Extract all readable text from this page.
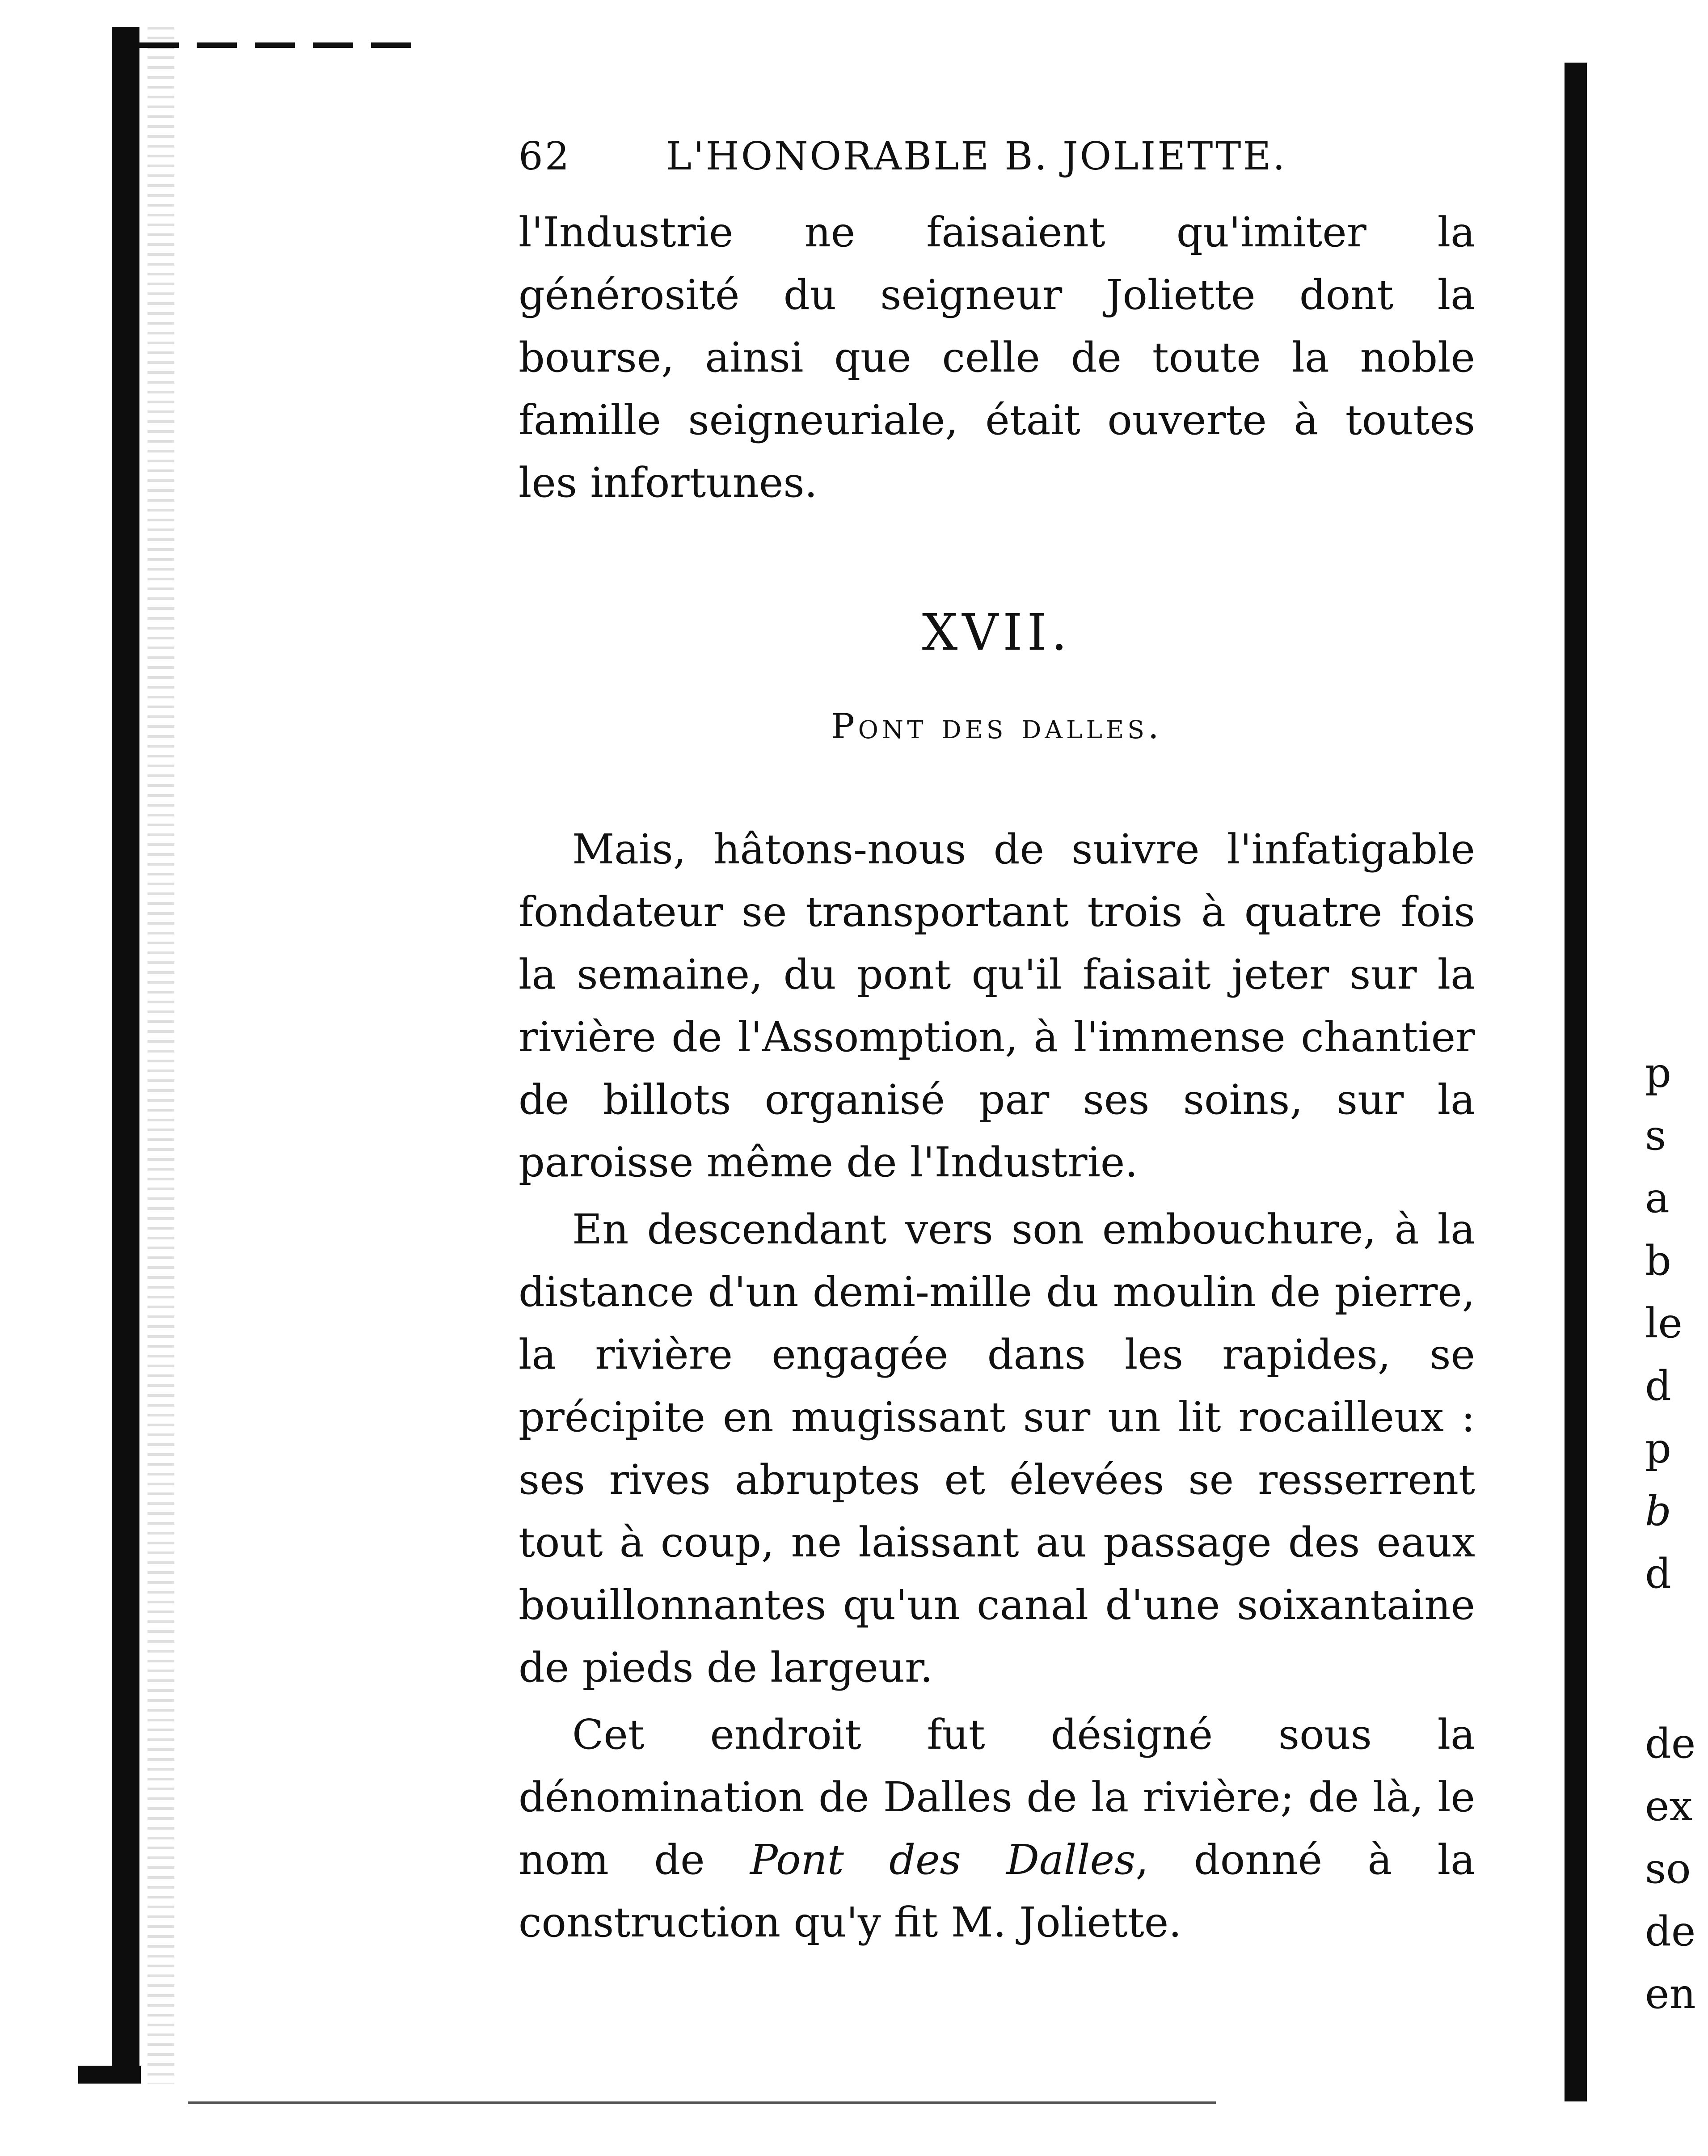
62	L'HONORABLE B. JOLIETTE.

l'Industrie ne faisaient qu'imiter la générosité du seigneur Joliette dont la bourse, ainsi que celle de toute la noble famille seigneuriale, était ouverte à toutes les infortunes.

XVII.
Pont des dalles.

Mais, hâtons-nous de suivre l'infatigable fondateur se transportant trois à quatre fois la semaine, du pont qu'il faisait jeter sur la rivière de l'Assomption, à l'immense chantier de billots organisé par ses soins, sur la paroisse même de l'Industrie.

En descendant vers son embouchure, à la distance d'un demi-mille du moulin de pierre, la rivière engagée dans les rapides, se précipite en mugissant sur un lit rocailleux : ses rives abruptes et élevées se resserrent tout à coup, ne laissant au passage des eaux bouillonnantes qu'un canal d'une soixantaine de pieds de largeur.

Cet endroit fut désigné sous la dénomination de Dalles de la rivière; de là, le nom de Pont des Dalles, donné à la construction qu'y fit M. Joliette.

p
s
a
b
le
d
p
b
d
de
ex
so
de
en
